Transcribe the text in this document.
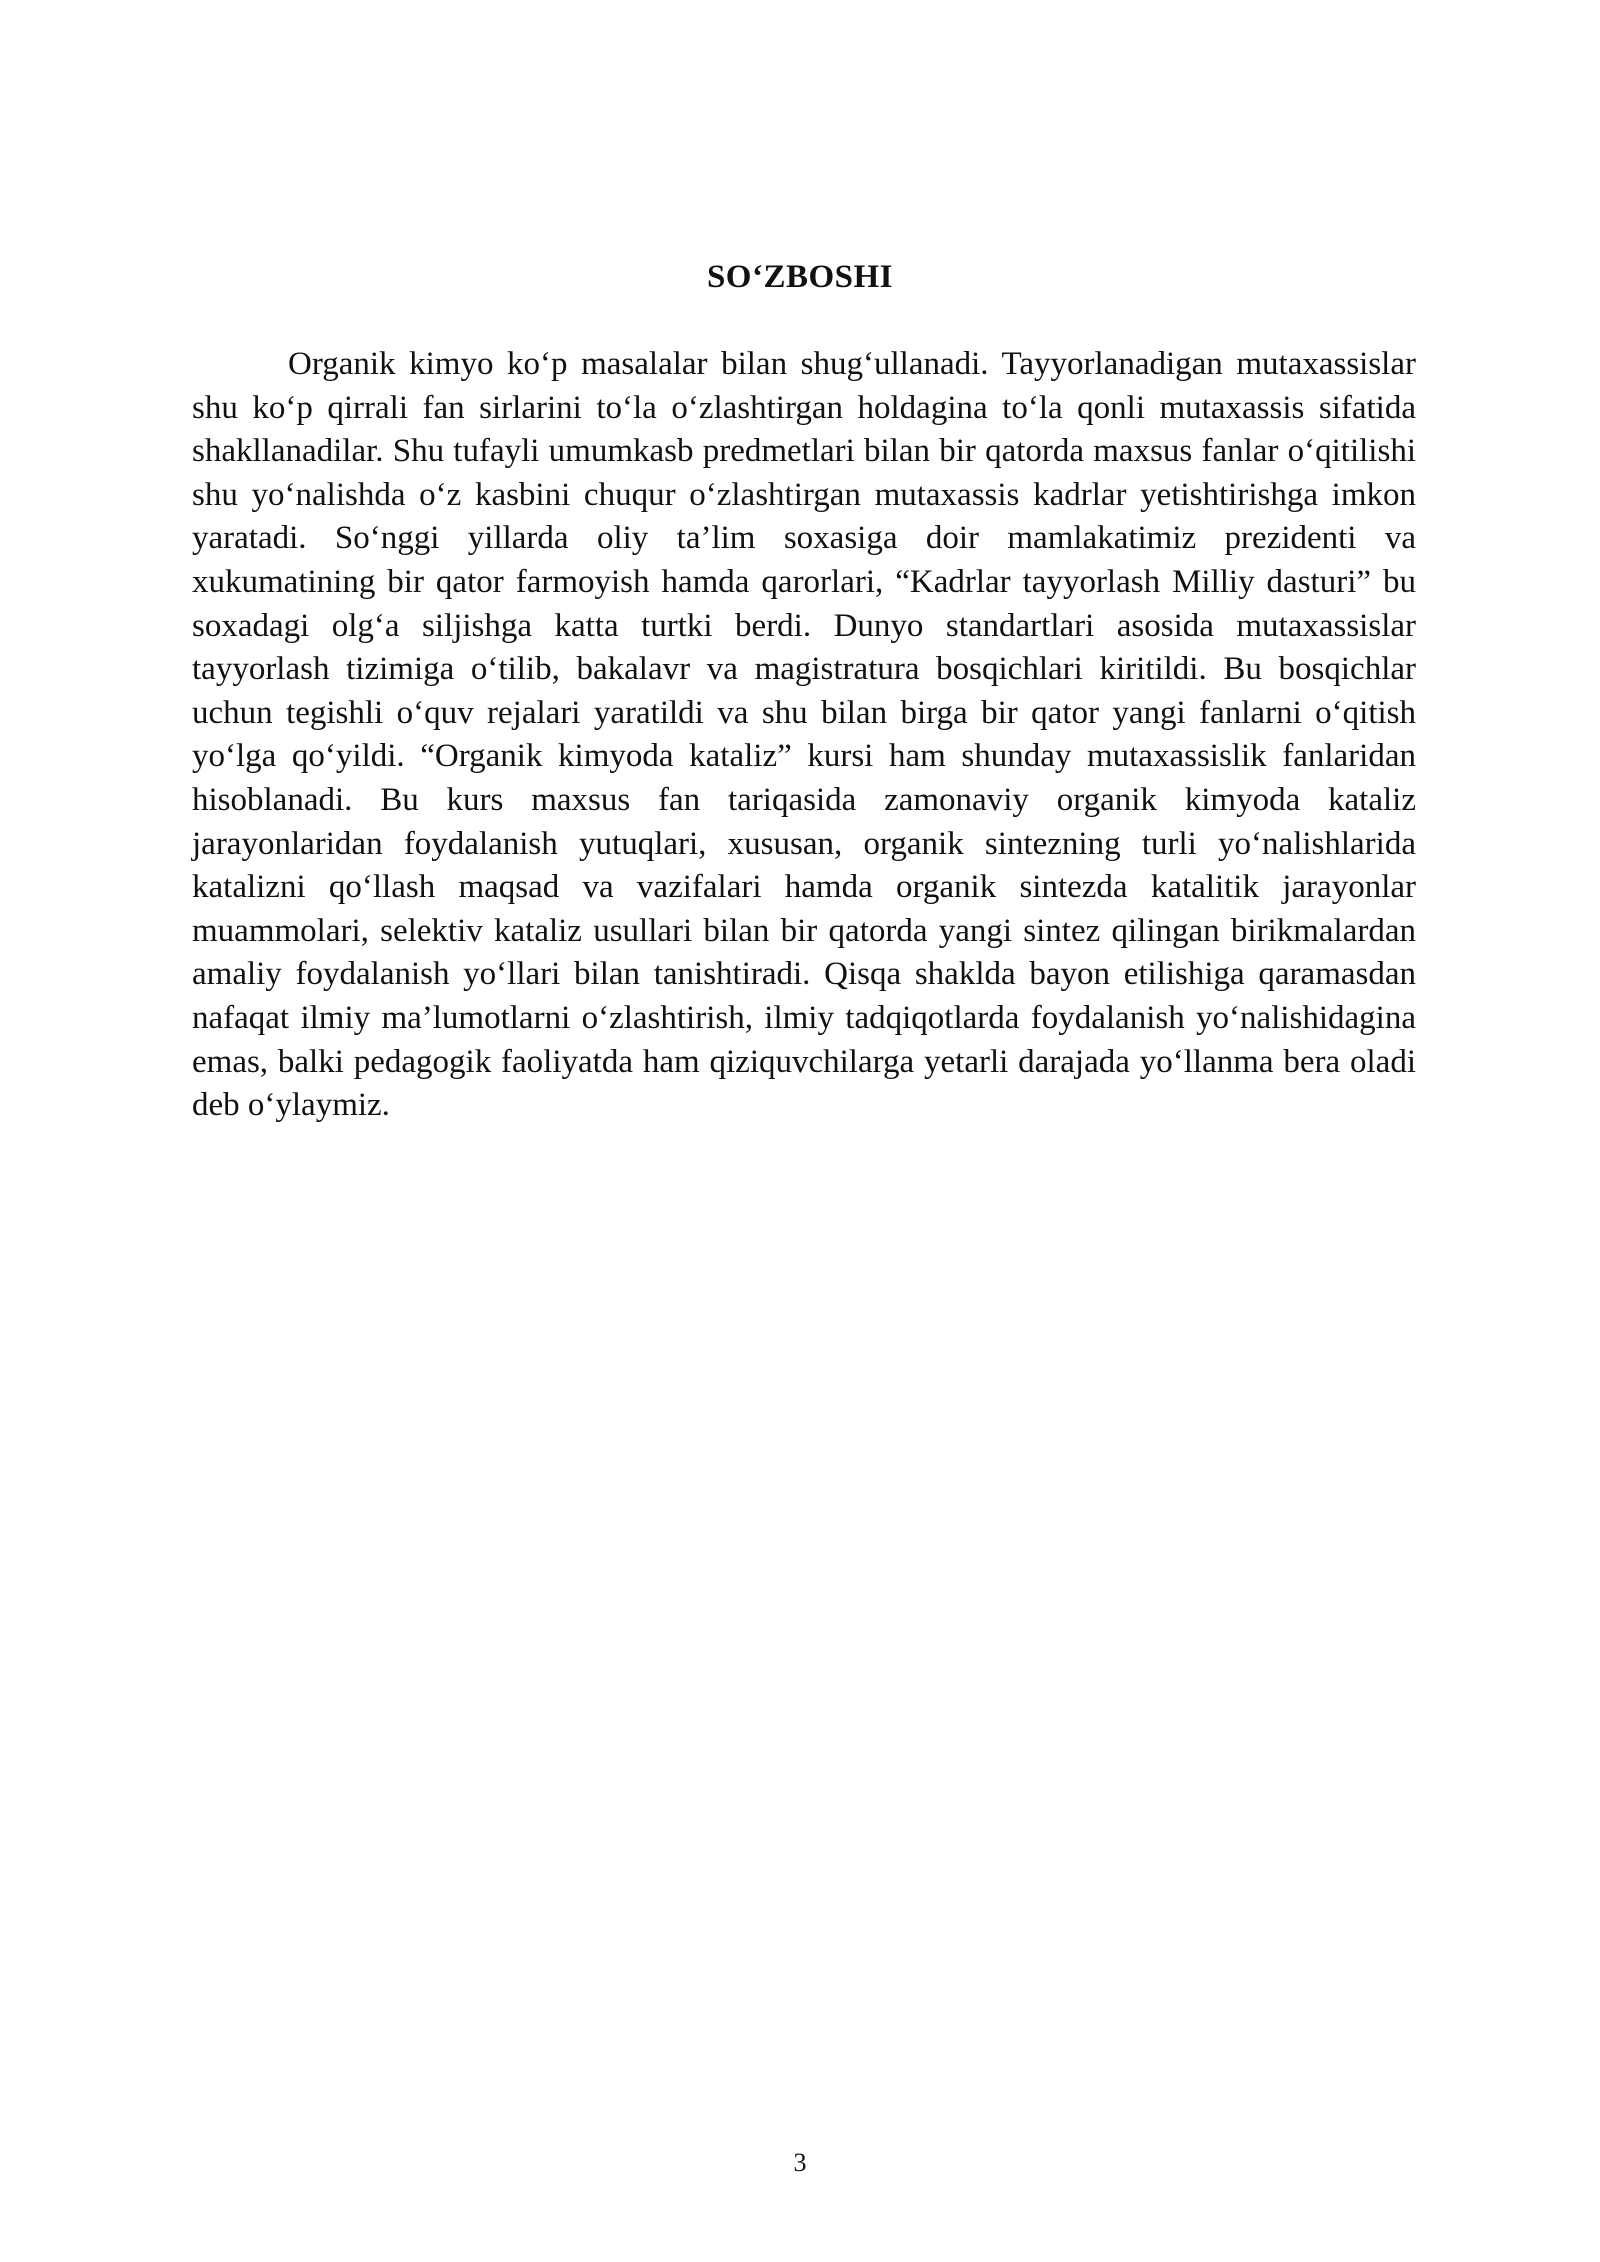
SO‘ZBOSHI

Organik kimyo ko‘p masalalar bilan shug‘ullanadi. Tayyorlanadigan mutaxassislar shu ko‘p qirrali fan sirlarini to‘la o‘zlashtirgan holdagina to‘la qonli mutaxassis sifatida shakllanadilar. Shu tufayli umumkasb predmetlari bilan bir qatorda maxsus fanlar o‘qitilishi shu yo‘nalishda o‘z kasbini chuqur o‘zlashtirgan mutaxassis kadrlar yetishtirishga imkon yaratadi. So‘nggi yillarda oliy ta’lim soxasiga doir mamlakatimiz prezidenti va xukumatining bir qator farmoyish hamda qarorlari, “Kadrlar tayyorlash Milliy dasturi” bu soxadagi olg‘a siljishga katta turtki berdi. Dunyo standartlari asosida mutaxassislar tayyorlash tizimiga o‘tilib, bakalavr va magistratura bosqichlari kiritildi. Bu bosqichlar uchun tegishli o‘quv rejalari yaratildi va shu bilan birga bir qator yangi fanlarni o‘qitish yo‘lga qo‘yildi. “Organik kimyoda kataliz” kursi ham shunday mutaxassislik fanlaridan hisoblanadi. Bu kurs maxsus fan tariqasida zamonaviy organik kimyoda kataliz jarayonlaridan foydalanish yutuqlari, xususan, organik sintezning turli yo‘nalishlarida katalizni qo‘llash maqsad va vazifalari hamda organik sintezda katalitik jarayonlar muammolari, selektiv kataliz usullari bilan bir qatorda yangi sintez qilingan birikmalardan amaliy foydalanish yo‘llari bilan tanishtiradi. Qisqa shaklda bayon etilishiga qaramasdan nafaqat ilmiy ma’lumotlarni o‘zlashtirish, ilmiy tadqiqotlarda foydalanish yo‘nalishidagina emas, balki pedagogik faoliyatda ham qiziquvchilarga yetarli darajada yo‘llanma bera oladi deb o‘ylaymiz.

3
